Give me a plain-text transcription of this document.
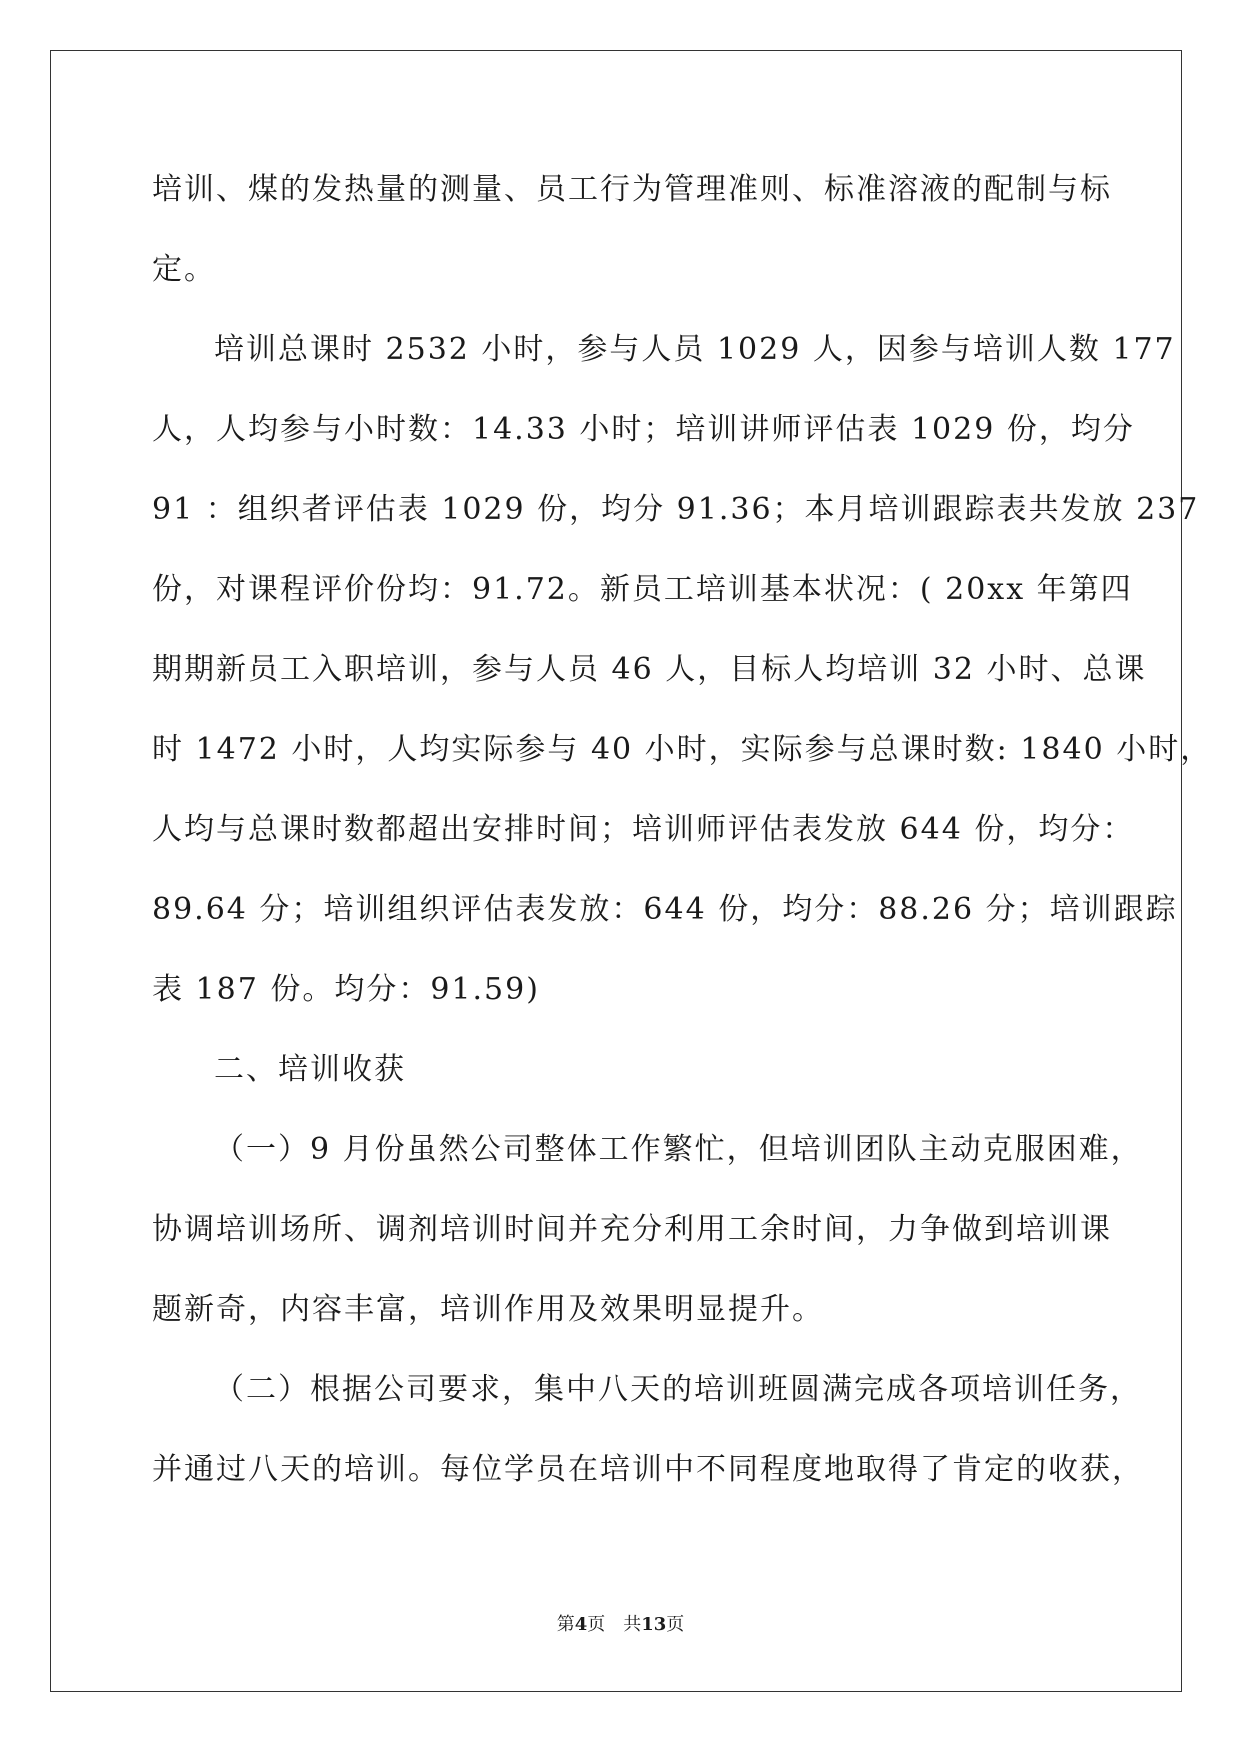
培训、煤的发热量的测量、员工行为管理准则、标准溶液的配制与标
定。

培训总课时 2532 小时，参与人员 1029 人，因参与培训人数 177
人，人均参与小时数：14.33 小时；培训讲师评估表 1029 份，均分
91 ：组织者评估表 1029 份，均分 91.36；本月培训跟踪表共发放 237
份，对课程评价份均：91.72。新员工培训基本状况：( 20xx 年第四
期期新员工入职培训，参与人员 46 人，目标人均培训 32 小时、总课
时 1472 小时，人均实际参与 40 小时，实际参与总课时数: 1840 小时，
人均与总课时数都超出安排时间；培训师评估表发放 644 份，均分：
89.64 分；培训组织评估表发放：644 份，均分：88.26 分；培训跟踪
表 187 份。均分：91.59)

二、培训收获

（一）9 月份虽然公司整体工作繁忙，但培训团队主动克服困难，
协调培训场所、调剂培训时间并充分利用工余时间，力争做到培训课
题新奇，内容丰富，培训作用及效果明显提升。

（二）根据公司要求，集中八天的培训班圆满完成各项培训任务，
并通过八天的培训。每位学员在培训中不同程度地取得了肯定的收获，

第4页 共13页
